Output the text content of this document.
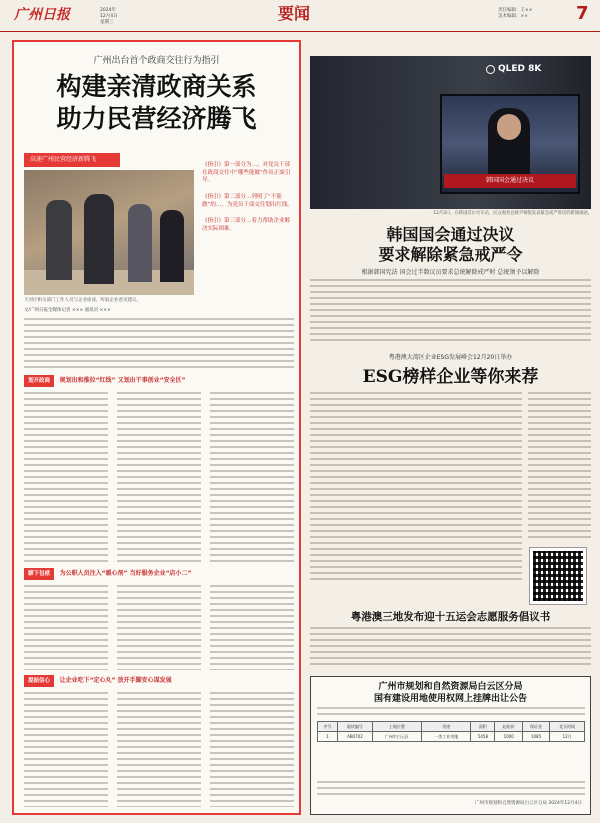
广州日报	2024年
12月4日
星期三	要闻	责任编辑：王××
美术编辑：××	7
广州出台首个政商交往行为指引
构建亲清政商关系
助力民营经济腾飞
高速广州民营经济新腾飞
天河区相关部门工作人员与企业座谈，听取企业意见建议。

《指引》第一部分为…，对党员干部在政商交往中“哪些能做”作出正面引导。

《指引》第二部分…列明了“不能做”的…，为党员干部交往划出红线。

《指引》第三部分…着力帮助企业解决实际困难。

文/广州日报全媒体记者 ××× 通讯员 ×××
划开政商 规划出和推拉“红线” 又划出干事创业“安全区”
聊下包袱 为公职人员注入“暖心剂” 当好服务企业“店小二”
提振信心 让企业吃下“定心丸” 放开手脚安心谋发展
QLED 8K
韩国国会通过决议
12月3日，在韩国首尔火车站，民众观看总统尹锡悦发表紧急戒严讲话的新闻画面。
韩国国会通过决议
要求解除紧急戒严令
根据韩国宪法 国会过半数议员要求总统解除戒严时 总统须予以解除
粤港澳大湾区企业ESG发展峰会12月20日举办
ESG榜样企业等你来荐
粤港澳三地发布迎十五运会志愿服务倡议书
广州市规划和自然资源局白云区分局
国有建设用地使用权网上挂牌出让公告
序号	地块编号	土地位置	用途	面积	起始价	保证金	竞买时间
1	AB0702	广州市白云区	一类工业用地	5458	1000	1085	12月
广州市规划和自然资源局白云区分局 2024年12月4日
